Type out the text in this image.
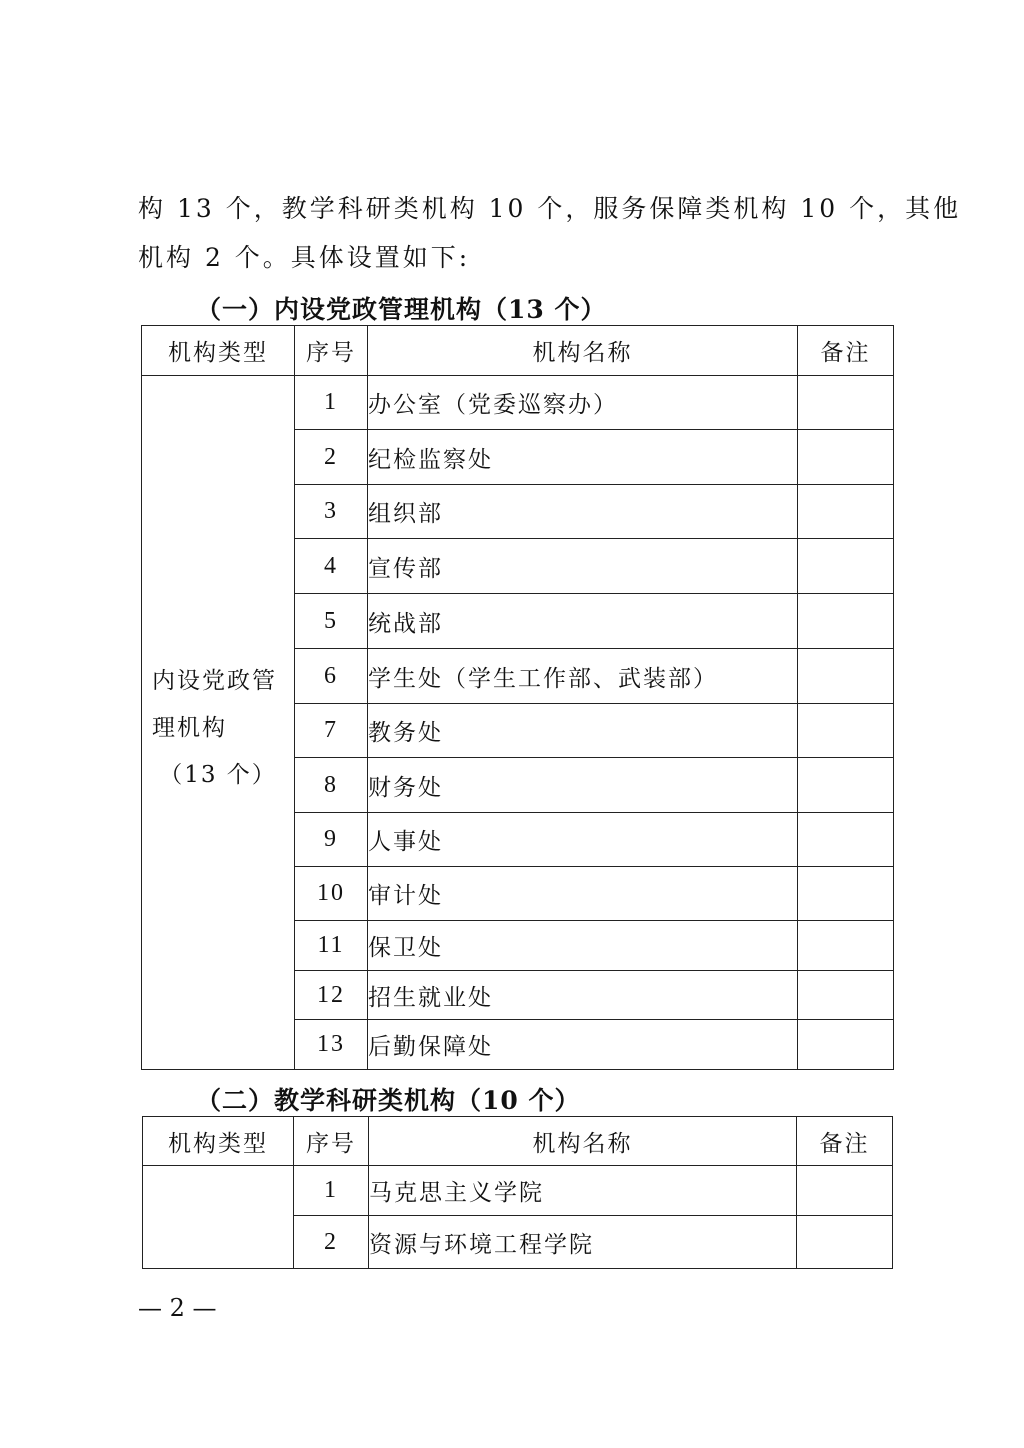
构 13 个，教学科研类机构 10 个，服务保障类机构 10 个，其他
机构 2 个。具体设置如下:
（一）内设党政管理机构（13 个）
机构类型	序号	机构名称	备注

内设党政管
理机构
（13 个）	1	办公室（党委巡察办）	
	2	纪检监察处	
	3	组织部	
	4	宣传部	
	5	统战部	
	6	学生处（学生工作部、武装部）	
	7	教务处	
	8	财务处	
	9	人事处	
	10	审计处	
	11	保卫处	
	12	招生就业处	
	13	后勤保障处	
（二）教学科研类机构（10 个）
机构类型	序号	机构名称	备注
	1	马克思主义学院	
	2	资源与环境工程学院	
— 2 —
